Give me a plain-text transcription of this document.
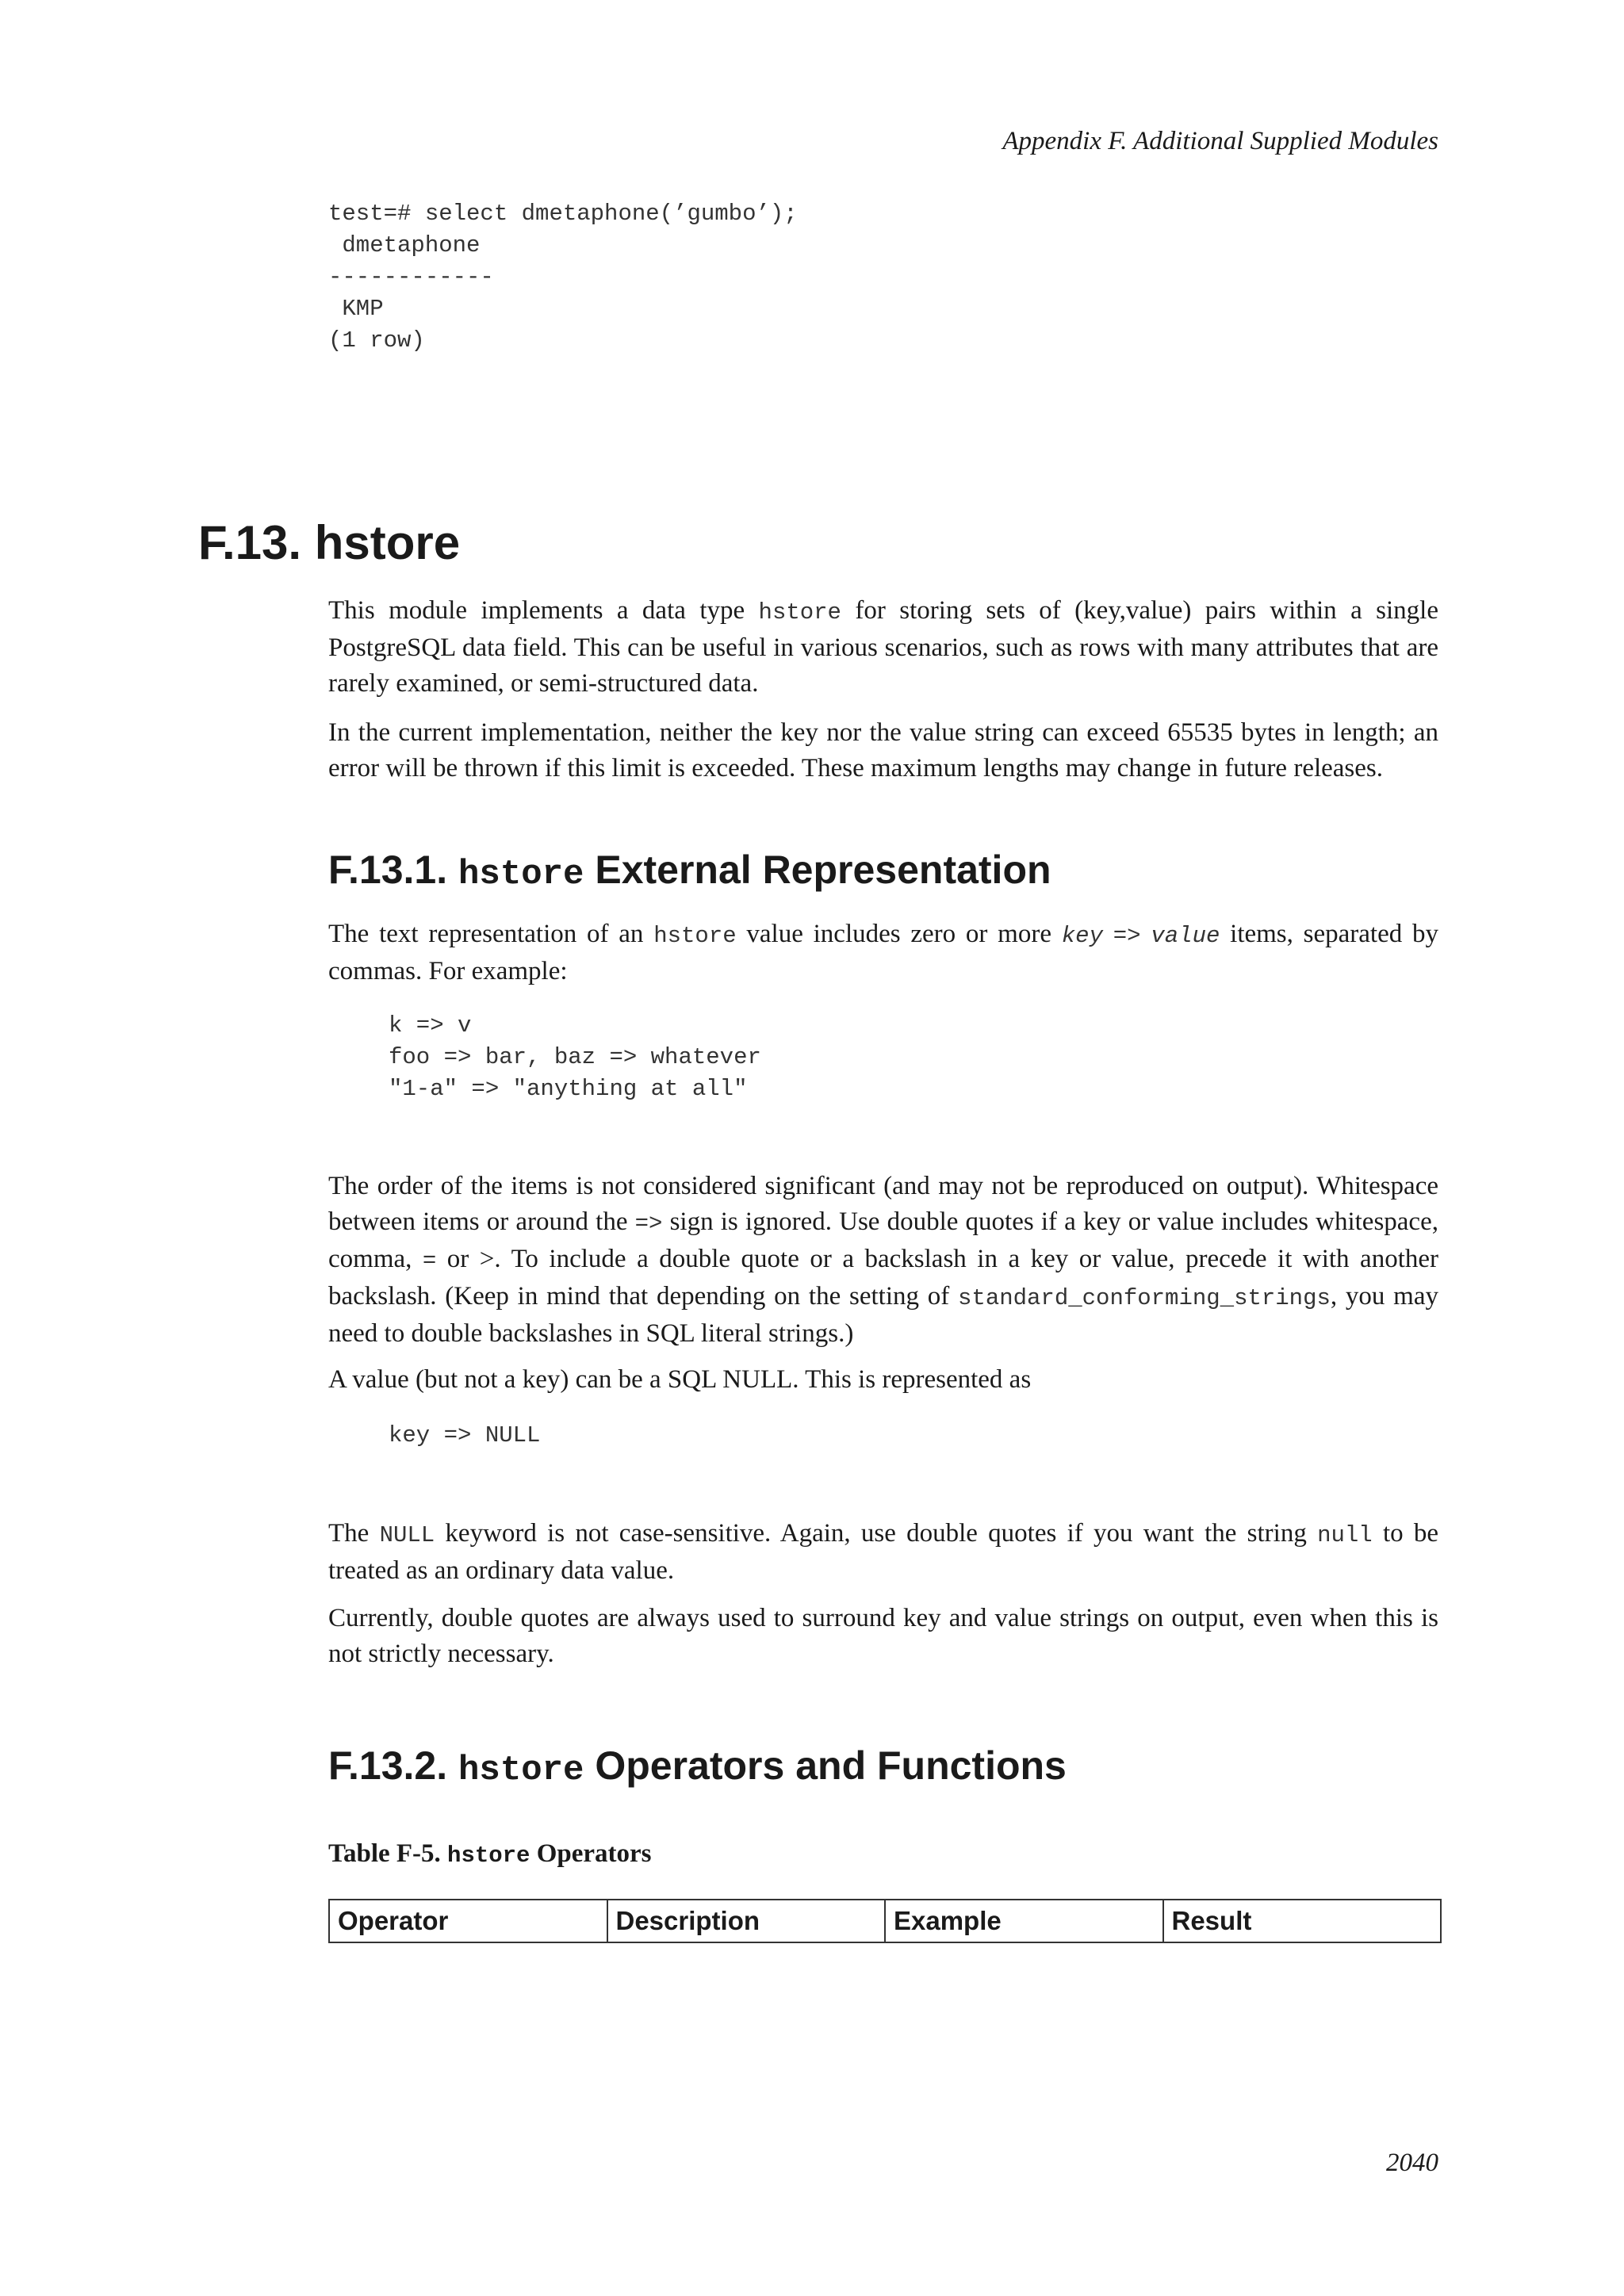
Appendix F. Additional Supplied Modules
test=# select dmetaphone(’gumbo’);
dmetaphone
------------
KMP
(1 row)
F.13. hstore

This module implements a data type hstore for storing sets of (key,value) pairs within a single PostgreSQL data field. This can be useful in various scenarios, such as rows with many attributes that are rarely examined, or semi-structured data.

In the current implementation, neither the key nor the value string can exceed 65535 bytes in length; an error will be thrown if this limit is exceeded. These maximum lengths may change in future releases.

F.13.1. hstore External Representation

The text representation of an hstore value includes zero or more key => value items, separated by commas. For example:

k => v
foo => bar, baz => whatever
"1-a" => "anything at all"

The order of the items is not considered significant (and may not be reproduced on output). Whitespace between items or around the => sign is ignored. Use double quotes if a key or value includes whitespace, comma, = or >. To include a double quote or a backslash in a key or value, precede it with another backslash. (Keep in mind that depending on the setting of standard_conforming_strings, you may need to double backslashes in SQL literal strings.)

A value (but not a key) can be a SQL NULL. This is represented as

key => NULL

The NULL keyword is not case-sensitive. Again, use double quotes if you want the string null to be treated as an ordinary data value.

Currently, double quotes are always used to surround key and value strings on output, even when this is not strictly necessary.

F.13.2. hstore Operators and Functions

Table F-5. hstore Operators

Operator	Description	Example	Result
2040
